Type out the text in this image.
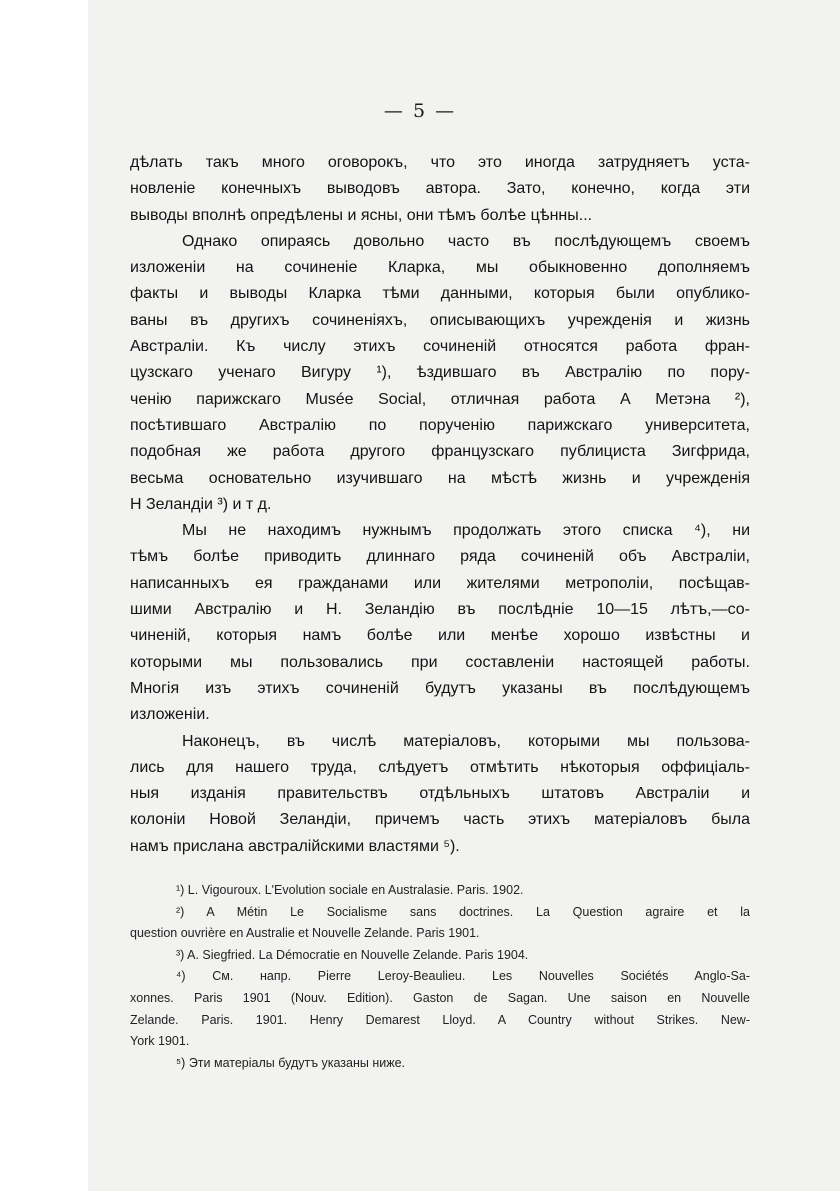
— 5 —
дѣлать такъ много оговорокъ, что это иногда затрудняетъ уста-
новленіе конечныхъ выводовъ автора. Зато, конечно, когда эти
выводы вполнѣ опредѣлены и ясны, они тѣмъ болѣе цѣнны...
Однако опираясь довольно часто въ послѣдующемъ своемъ
изложеніи на сочиненіе Кларка, мы обыкновенно дополняемъ
факты и выводы Кларка тѣми данными, которыя были опублико-
ваны въ другихъ сочиненіяхъ, описывающихъ учрежденія и жизнь
Австраліи. Къ числу этихъ сочиненій относятся работа фран-
цузскаго ученаго Вигуру ¹), ѣздившаго въ Австралію по пору-
ченію парижскаго Musée Social, отличная работа А Метэна ²),
посѣтившаго Австралію по порученію парижскаго университета,
подобная же работа другого французскаго публициста Зигфрида,
весьма основательно изучившаго на мѣстѣ жизнь и учрежденія
Н Зеландіи ³) и т д.
Мы не находимъ нужнымъ продолжать этого списка ⁴), ни
тѣмъ болѣе приводить длиннаго ряда сочиненій объ Австраліи,
написанныхъ ея гражданами или жителями метрополіи, посѣщав-
шими Австралію и Н. Зеландію въ послѣдніе 10—15 лѣтъ,—со-
чиненій, которыя намъ болѣе или менѣе хорошо извѣстны и
которыми мы пользовались при составленіи настоящей работы.
Многія изъ этихъ сочиненій будутъ указаны въ послѣдующемъ
изложеніи.
Наконецъ, въ числѣ матеріаловъ, которыми мы пользова-
лись для нашего труда, слѣдуетъ отмѣтить нѣкоторыя оффиціаль-
ныя изданія правительствъ отдѣльныхъ штатовъ Австраліи и
колоніи Новой Зеландіи, причемъ часть этихъ матеріаловъ была
намъ прислана австралійскими властями ⁵).
¹) L. Vigouroux. L'Evolution sociale en Australasie. Paris. 1902.
²) A Métin Le Socialisme sans doctrines. La Question agraire et la
question ouvrière en Australie et Nouvelle Zelande. Paris 1901.
³) A. Siegfried. La Démocratie en Nouvelle Zelande. Paris 1904.
⁴) См. напр. Pierre Leroy-Beaulieu. Les Nouvelles Sociétés Anglo-Sa-
xonnes. Paris 1901 (Nouv. Edition). Gaston de Sagan. Une saison en Nouvelle
Zelande. Paris. 1901. Henry Demarest Lloyd. A Country without Strikes. New-
York 1901.
⁵) Эти матеріалы будутъ указаны ниже.
